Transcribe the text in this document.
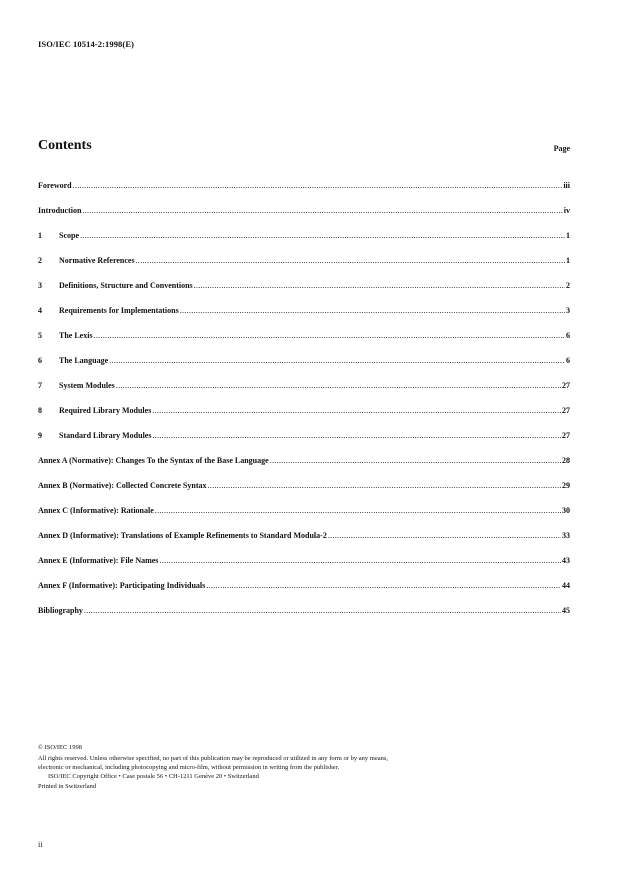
ISO/IEC 10514-2:1998(E)
Contents	Page
Foreword .....	iii
Introduction .....	iv
1	Scope .....	1
2	Normative References .....	1
3	Definitions, Structure and Conventions .....	2
4	Requirements for Implementations .....	3
5	The Lexis .....	6
6	The Language .....	6
7	System Modules .....	27
8	Required Library Modules .....	27
9	Standard Library Modules .....	27
Annex A (Normative): Changes To the Syntax of the Base Language .....	28
Annex B (Normative): Collected Concrete Syntax .....	29
Annex C (Informative): Rationale .....	30
Annex D (Informative): Translations of Example Refinements to Standard Modula-2 .....	33
Annex E (Informative): File Names .....	43
Annex F (Informative): Participating Individuals .....	44
Bibliography .....	45

© ISO/IEC 1998

All rights reserved. Unless otherwise specified, no part of this publication may be reproduced or utilized in any form or by any means, electronic or mechanical, including photocopying and micro-film, without permission in writing from the publisher.

ISO/IEC Copyright Office • Case postale 56 • CH-1211 Genève 20 • Switzerland

Printed in Switzerland

ii
